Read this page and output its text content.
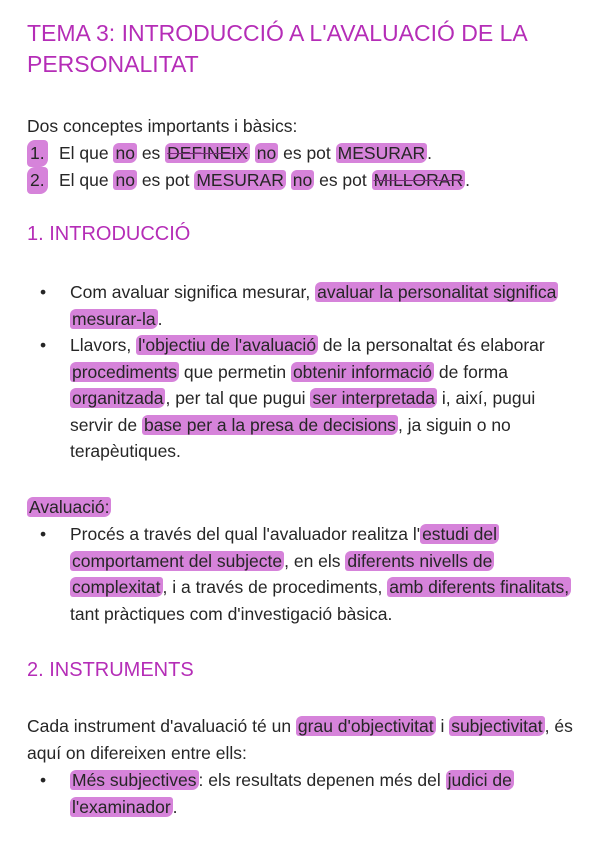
TEMA 3: INTRODUCCIÓ A L'AVALUACIÓ DE LA PERSONALITAT

Dos conceptes importants i bàsics:

1. El que no es DEFINEIX no es pot MESURAR .
2. El que no es pot MESURAR no es pot MILLORAR .
1. INTRODUCCIÓ
• Com avaluar significa mesurar, avaluar la personalitat significa mesurar-la .
• Llavors, l'objectiu de l'avaluació de la personaltat és elaborar procediments que permetin obtenir informació de forma organitzada , per tal que pugui ser interpretada i, així, pugui servir de base per a la presa de decisions , ja siguin o no terapèutiques.

Avaluació:

• Procés a través del qual l'avaluador realitza l' estudi del comportament del subjecte , en els diferents nivells de complexitat , i a través de procediments, amb diferents finalitats, tant pràctiques com d'investigació bàsica.
2. INSTRUMENTS

Cada instrument d'avaluació té un grau d'objectivitat i subjectivitat , és aquí on difereixen entre ells:

• Més subjectives : els resultats depenen més del judici de l'examinador .
